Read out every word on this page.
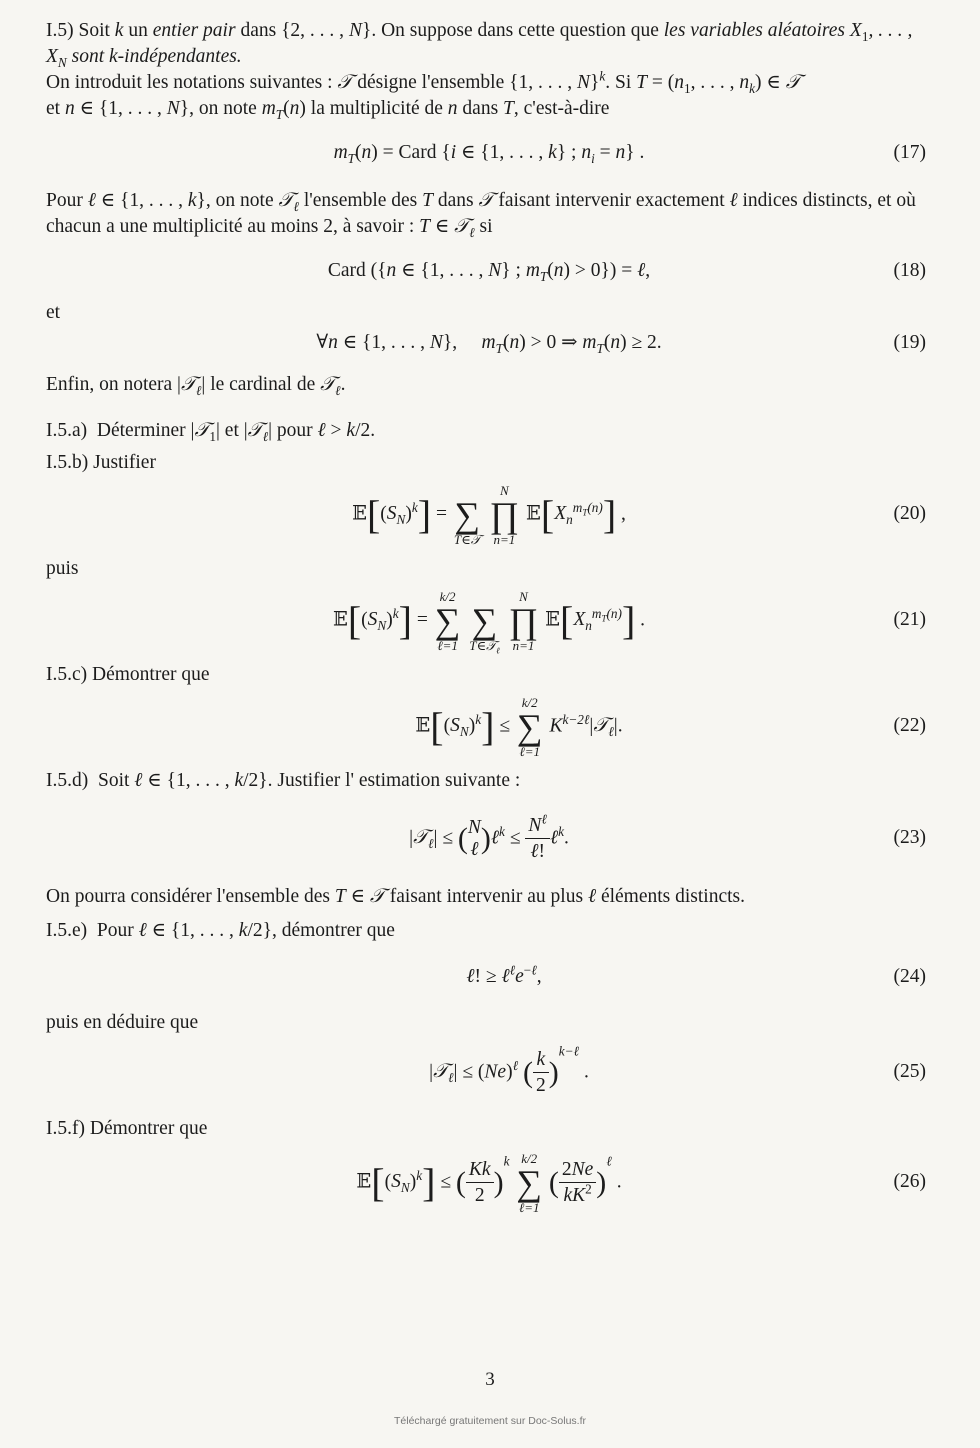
I.5) Soit k un entier pair dans {2, . . . , N}. On suppose dans cette question que les variables aléatoires $X_1$, . . . , $X_N$ sont k-indépendantes.

On introduit les notations suivantes : 𝒯 désigne l'ensemble {1, . . . , N}$^k$. Si $T = (n_1$, . . . , $n_k$) ∈ 𝒯

et n ∈ {1, . . . , N}, on note $m_T(n)$ la multiplicité de n dans T, c'est-à-dire

$m_T(n)$ = Card {i ∈ {1, . . . , k} ; $n_i = n$} .	(17)

Pour ℓ ∈ {1, . . . , k}, on note 𝒯$_\ell$ l'ensemble des T dans 𝒯 faisant intervenir exactement ℓ indices distincts, et où chacun a une multiplicité au moins 2, à savoir : T ∈ 𝒯$_\ell$ si

Card ({n ∈ {1, . . . , N} ; $m_T(n) > 0$}) = ℓ,	(18)

et

∀n ∈ {1, . . . , N},     $m_T(n) > 0$ ⇒ $m_T(n) \ge 2$.	(19)

Enfin, on notera |𝒯$_\ell$| le cardinal de 𝒯$_\ell$.

I.5.a)  Déterminer |𝒯$_1$| et |𝒯$_\ell$| pour ℓ > k/2.

I.5.b) Justifier

$𝔼[(S_N)^k]$ =
∑
T∈𝒯

N
∏
n=1
$𝔼[X_n^{m_T(n)}]$ ,	(20)

puis

$𝔼[(S_N)^k]$ =
k/2
∑
ℓ=1

∑
T∈𝒯$_\ell$

N
∏
n=1
$𝔼[X_n^{m_T(n)}]$ .	(21)

I.5.c) Démontrer que

$𝔼[(S_N)^k]$ ≤
k/2
∑
ℓ=1
$K^{k-2\ell}|𝒯_\ell|$.	(22)

I.5.d)  Soit ℓ ∈ {1, . . . , k/2}. Justifier l' estimation suivante :

|𝒯$_\ell$| ≤ ( N
ℓ )ℓ$^k$ ≤ $\frac{N^\ell}{\text{ℓ!}}$ ℓ$^k$.	(23)

On pourra considérer l'ensemble des T ∈ 𝒯 faisant intervenir au plus ℓ éléments distincts.

I.5.e)  Pour ℓ ∈ {1, . . . , k/2}, démontrer que

ℓ! ≥ $\ell^\ell e^{-\ell}$,	(24)

puis en déduire que

|𝒯$_\ell$| ≤ $(Ne)^\ell$ ( $\frac{k}{2} )^{k-\ell}$ .	(25)

I.5.f) Démontrer que

$𝔼[(S_N)^k]$ ≤ ( $\frac{Kk}{2} )^k$ k/2
∑
ℓ=1
( $\frac{2Ne}{kK^2} )^\ell$ .	(26)
3
Téléchargé gratuitement sur Doc-Solus.fr
